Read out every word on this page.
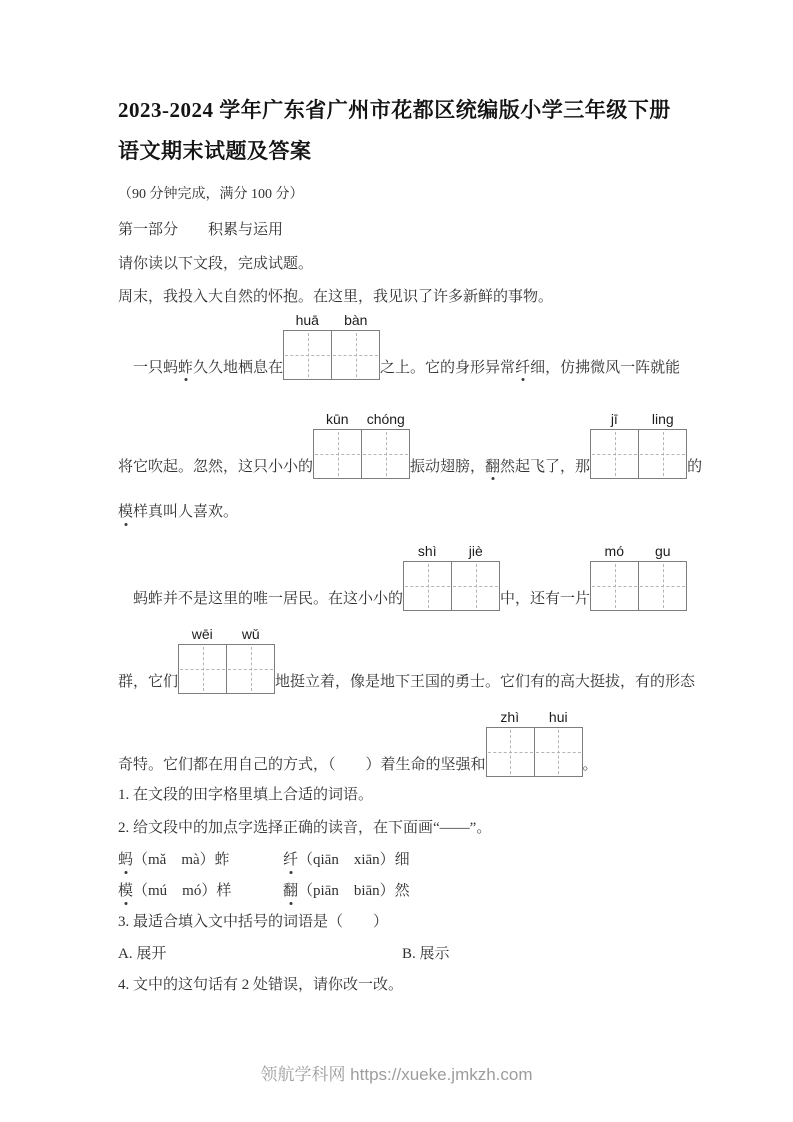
2023-2024 学年广东省广州市花都区统编版小学三年级下册
语文期末试题及答案
（90 分钟完成，满分 100 分）
第一部分　　积累与运用
请你读以下文段，完成试题。
周末，我投入大自然的怀抱。在这里，我见识了许多新鲜的事物。
一只蚂 蚱 久久地栖息在
huā	bàn
之上。它的身形异常 纤 细，仿拂微风一阵就能
将它吹起。忽然，这只小小的
kūn	chóng
振动翅膀， 翻 然起飞了，那
jī	ling
的
模样真叫人喜欢。
蚂蚱并不是这里的唯一居民。在这小小的
shì	jiè
中，还有一片
mó	gu
群，它们
wēi	wǔ
地挺立着，像是地下王国的勇士。它们有的高大挺拔，有的形态
奇特。它们都在用自己的方式，（　　）着生命的坚强和
zhì	hui
。
1. 在文段的田字格里填上合适的词语。
2. 给文段中的加点字选择正确的读音，在下面画“——”。
蚂（mǎ　mà）蚱	纤（qiān　xiān）细
模（mú　mó）样	翻（piān　biān）然
3. 最适合填入文中括号的词语是（　　）
A. 展开	B. 展示
4. 文中的这句话有 2 处错误，请你改一改。
领航学科网 https://xueke.jmkzh.com
